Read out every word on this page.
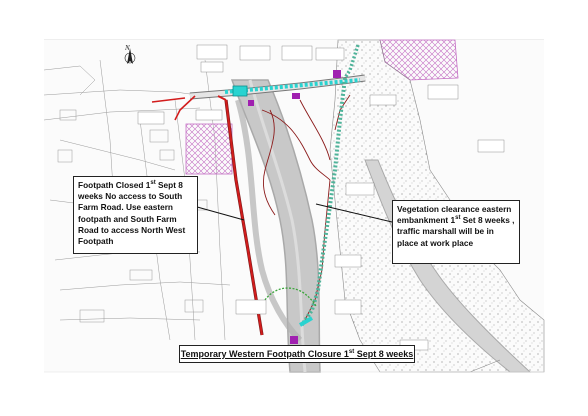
N
Footpath Closed 1st Sept 8 weeks No access to South Farm Road. Use eastern footpath and South Farm Road to access North West Footpath
Vegetation clearance eastern
embankment 1st Set 8 weeks ,
traffic marshall will be in place at work place
Temporary Western Footpath Closure 1st Sept 8 weeks
